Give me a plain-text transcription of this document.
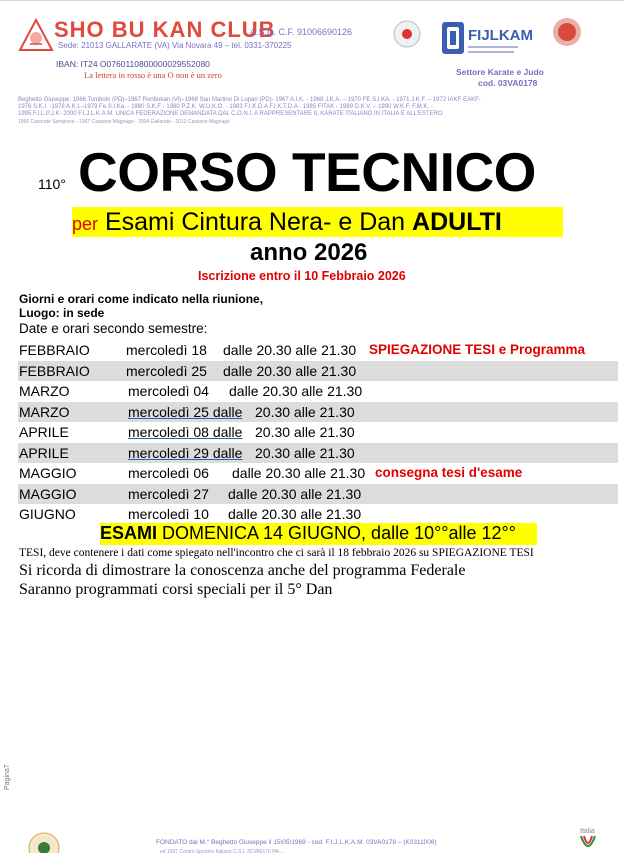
SHO BU KAN CLUB
A.S.D. C.F. 91006690126
Sede: 21013 GALLARATE (VA) Via Novara 49 – tel. 0331-370225
IBAN: IT24 O0760110800000029552080
La lettera in rosso è una O non è un zero
FIJLKAM
Settore Karate e Judo
cod. 03VA0178
Beghetto Giuseppe: 1966 Tombolo (PD)–1967 Renbukan (VI)–1968 San Martino Di Lupari (PD)- 1967 A.I.K. - 1968 J.K.A. – 1970 FE.S.I.KA. - 1971 J.K.F. – 1972 IAKF-EAKF-
1976 S.K.I. -1978 A.K.I.–1979 Fe.S.I.Ka. - 1980 S.K.F - 1980 P.Z.K. W.U.K.O. - 1983 F.I.K.D.A F.I.K.T.D.A - 1985 FITAK - 1989 D.K.V. – 1990 W.K.F. F.M.K. -
1995 F.I.L.P.J.K- 2000 F.I.J.L.K.A.M. UNICA FEDERAZIONE DEMANDATA DAL C.O.N.I. A RAPPRESENTARE IL KARATE ITALIANO IN ITALIA E ALL'ESTERO
1966 Casorate Sempione - 1967 Cassano Magnago - 2004 Gallarate - 2012 Cassano Magnago
110° CORSO TECNICO
per Esami Cintura Nera- e Dan ADULTI
anno 2026
Iscrizione entro il 10 Febbraio 2026
Giorni e orari come indicato nella riunione,
Luogo: in sede
Date e orari secondo semestre:
FEBBRAIO	mercoledì 18 dalle 20.30 alle 21.30 SPIEGAZIONE TESI e Programma
FEBBRAIO	mercoledì 25 dalle 20.30 alle 21.30
MARZO	mercoledì 04 dalle 20.30 alle 21.30
MARZO	mercoledì 25 dalle 20.30 alle 21.30
APRILE	mercoledì 08 dalle 20.30 alle 21.30
APRILE	mercoledì 29 dalle 20.30 alle 21.30
MAGGIO	mercoledì 06 dalle 20.30 alle 21.30 consegna tesi d'esame
MAGGIO	mercoledì 27 dalle 20.30 alle 21.30
GIUGNO	mercoledì 10 dalle 20.30 alle 21.30
ESAMI DOMENICA 14 GIUGNO, dalle 10°°alle 12°°
TESI, deve contenere i dati come spiegato nell'incontro che ci sarà il 18 febbraio 2026 su SPIEGAZIONE TESI
Si ricorda di dimostrare la conoscenza anche del programma Federale
Saranno programmati corsi speciali per il 5° Dan
Pagina7
FONDATO dal M.° Beghetto Giuseppe il 15\05\1969 - cod. F.I.J.L.K.A.M. 03VA0178 – (K0311006)
ed 1997 Centro Sportivo Italiano C.S.I. 3CVA0170 PA-...
Italia
